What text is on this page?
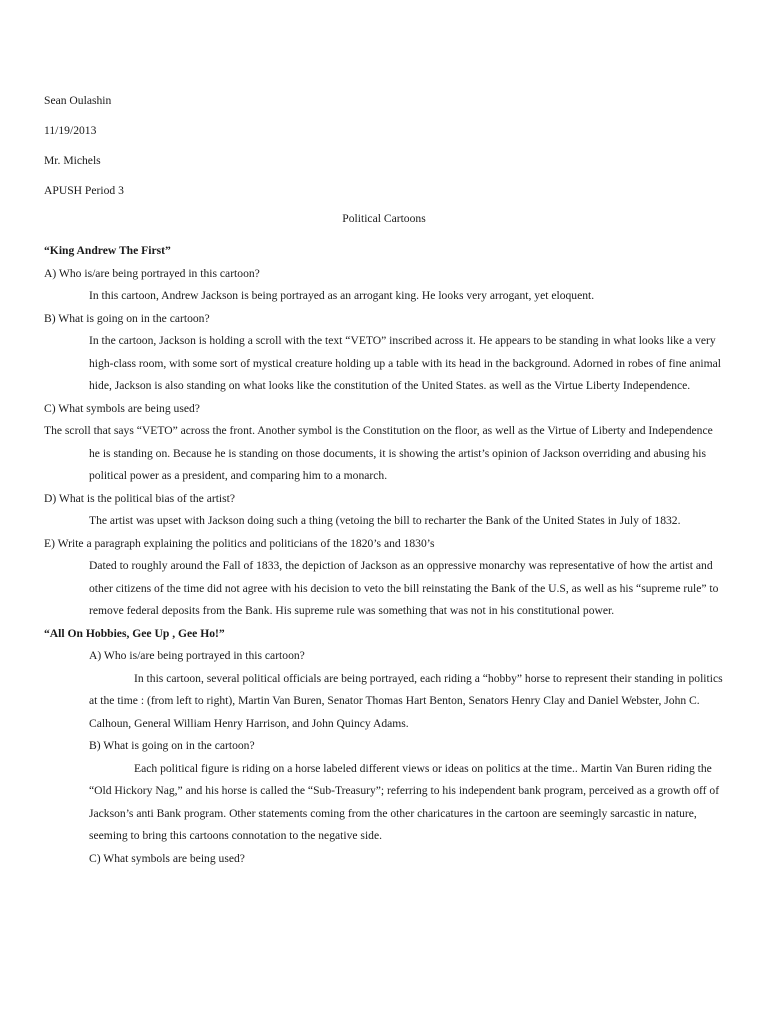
Sean Oulashin

11/19/2013

Mr. Michels

APUSH Period 3

Political Cartoons

“King Andrew The First”

A) Who is/are being portrayed in this cartoon?

In this cartoon, Andrew Jackson is being portrayed as an arrogant king. He looks very arrogant, yet eloquent.

B) What is going on in the cartoon?

In the cartoon, Jackson is holding a scroll with the text “VETO” inscribed across it. He appears to be standing in what looks like a very high-class room, with some sort of mystical creature holding up a table with its head in the background. Adorned in robes of fine animal hide, Jackson is also standing on what looks like the constitution of the United States. as well as the Virtue Liberty Independence.

C) What symbols are being used?

The scroll that says “VETO” across the front. Another symbol is the Constitution on the floor, as well as the Virtue of Liberty and Independence he is standing on. Because he is standing on those documents, it is showing the artist’s opinion of Jackson overriding and abusing his political power as a president, and comparing him to a monarch.

D) What is the political bias of the artist?

The artist was upset with Jackson doing such a thing (vetoing the bill to recharter the Bank of the United States in July of 1832.

E) Write a paragraph explaining the politics and politicians of the 1820’s and 1830’s

Dated to roughly around the Fall of 1833, the depiction of Jackson as an oppressive monarchy was representative of how the artist and other citizens of the time did not agree with his decision to veto the bill reinstating the Bank of the U.S, as well as his “supreme rule” to remove federal deposits from the Bank. His supreme rule was something that was not in his constitutional power.

“All On Hobbies, Gee Up , Gee Ho!”

A) Who is/are being portrayed in this cartoon?

In this cartoon, several political officials are being portrayed, each riding a “hobby” horse to represent their standing in politics at the time : (from left to right), Martin Van Buren, Senator Thomas Hart Benton, Senators Henry Clay and Daniel Webster, John C. Calhoun, General William Henry Harrison, and John Quincy Adams.

B) What is going on in the cartoon?

Each political figure is riding on a horse labeled different views or ideas on politics at the time.. Martin Van Buren riding the “Old Hickory Nag,” and his horse is called the “Sub-Treasury”; referring to his independent bank program, perceived as a growth off of Jackson’s anti Bank program. Other statements coming from the other charicatures in the cartoon are seemingly sarcastic in nature, seeming to bring this cartoons connotation to the negative side.

C) What symbols are being used?
